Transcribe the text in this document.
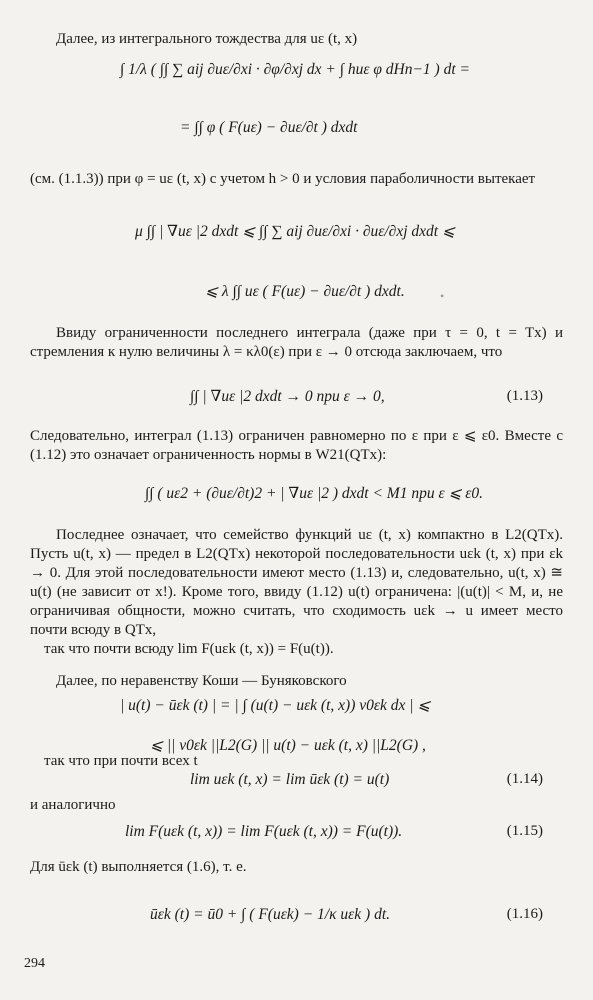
Далее, из интегрального тождества для uε (t, x)

∫ 1/λ ( ∫∫ ∑ aij ∂uε/∂xi · ∂φ/∂xj dx + ∫ huε φ dHn−1 ) dt =
= ∫∫ φ ( F(uε) − ∂uε/∂t ) dxdt

(см. (1.1.3)) при φ = uε (t, x) с учетом h > 0 и условия параболичности вытекает

μ ∫∫ | ∇uε |2 dxdt ⩽ ∫∫ ∑ aij ∂uε/∂xi · ∂uε/∂xj dxdt ⩽
⩽ λ ∫∫ uε ( F(uε) − ∂uε/∂t ) dxdt.	•

Ввиду ограниченности последнего интеграла (даже при τ = 0, t = Tx) и стремления к нулю величины λ = κλ0(ε) при ε → 0 отсюда заключаем, что

∫∫ | ∇uε |2 dxdt → 0 при ε → 0,	(1.13)

Следовательно, интеграл (1.13) ограничен равномерно по ε при ε ⩽ ε0. Вместе с (1.12) это означает ограниченность нормы в W21(QTx):

∫∫ ( uε2 + (∂uε/∂t)2 + | ∇uε |2 ) dxdt < M1 при ε ⩽ ε0.

Последнее означает, что семейство функций uε (t, x) компактно в L2(QTx). Пусть u(t, x) — предел в L2(QTx) некоторой последовательности uεk (t, x) при εk → 0. Для этой последовательности имеют место (1.13) и, следовательно, u(t, x) ≅ u(t) (не зависит от x!). Кроме того, ввиду (1.12) u(t) ограничена: |(u(t)| < M, и, не ограничивая общности, можно считать, что сходимость uεk → u имеет место почти всюду в QTx,

так что почти всюду lim F(uεk (t, x)) = F(u(t)).

Далее, по неравенству Коши — Буняковского

| u(t) − ūεk (t) | = | ∫ (u(t) − uεk (t, x)) v0εk dx | ⩽
⩽ || v0εk ||L2(G) || u(t) − uεk (t, x) ||L2(G) ,

так что при почти всех t

lim uεk (t, x) = lim ūεk (t) = u(t)	(1.14)

и аналогично

lim F(uεk (t, x)) = lim F(uεk (t, x)) = F(u(t)).	(1.15)

Для ūεk (t) выполняется (1.6), т. е.

ūεk (t) = ū0 + ∫ ( F(uεk) − 1/κ uεk ) dt.	(1.16)
294
